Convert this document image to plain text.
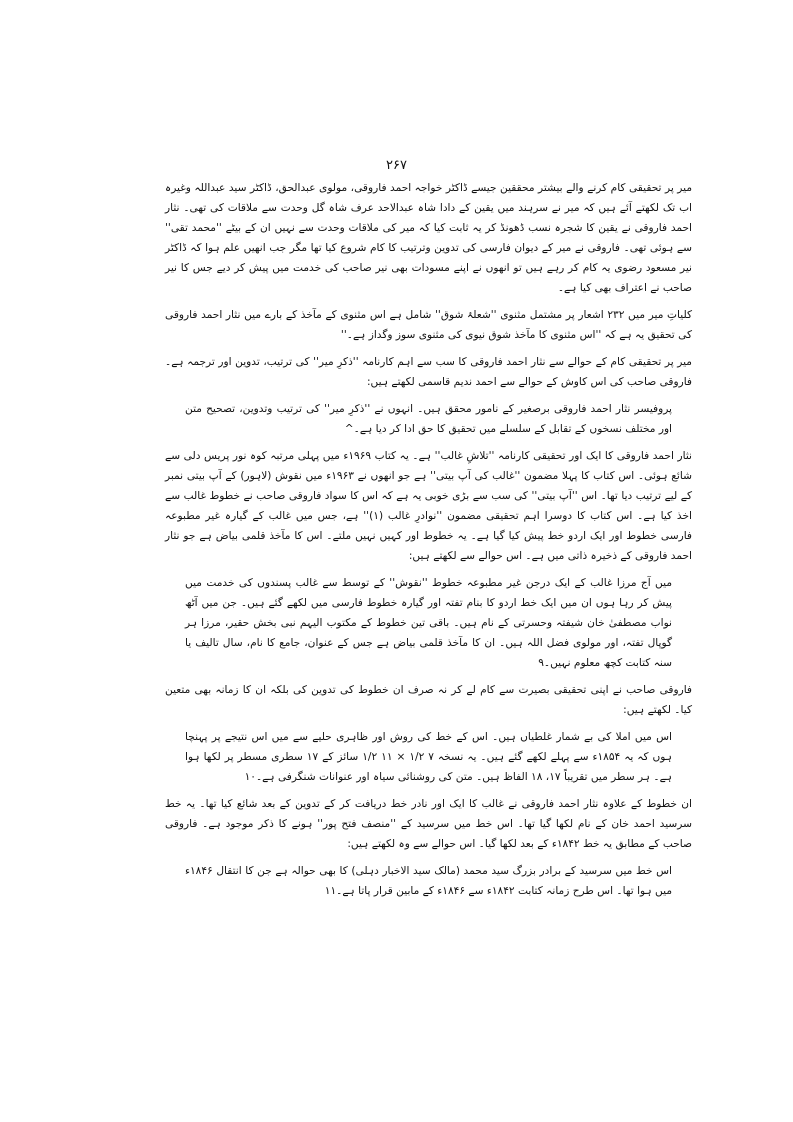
۲۶۷

میر پر تحقیقی کام کرنے والے بیشتر محققین جیسے ڈاکٹر خواجہ احمد فاروقی، مولوی عبدالحق، ڈاکٹر سید عبداللہ وغیرہ اب تک لکھتے آئے ہیں کہ میر نے سرہند میں یقین کے دادا شاہ عبدالاحد عرف شاہ گل وحدت سے ملاقات کی تھی۔ نثار احمد فاروقی نے یقین کا شجرہ نسب ڈھونڈ کر یہ ثابت کیا کہ میر کی ملاقات وحدت سے نہیں ان کے بیٹے ''محمد تقی'' سے ہوئی تھی۔ فاروقی نے میر کے دیوان فارسی کی تدوین وترتیب کا کام شروع کیا تھا مگر جب انھیں علم ہوا کہ ڈاکٹر نیر مسعود رضوی یہ کام کر رہے ہیں تو انھوں نے اپنے مسودات بھی نیر صاحب کی خدمت میں پیش کر دیے جس کا نیر صاحب نے اعتراف بھی کیا ہے۔

کلیاتِ میر میں ۲۳۲ اشعار پر مشتمل مثنوی ''شعلۂ شوق'' شامل ہے اس مثنوی کے مآخذ کے بارے میں نثار احمد فاروقی کی تحقیق یہ ہے کہ ''اس مثنوی کا مآخذ شوق نیوی کی مثنوی سوز وگداز ہے۔''

میر پر تحقیقی کام کے حوالے سے نثار احمد فاروقی کا سب سے اہم کارنامہ ''ذکرِ میر'' کی ترتیب، تدوین اور ترجمہ ہے۔ فاروقی صاحب کی اس کاوش کے حوالے سے احمد ندیم قاسمی لکھتے ہیں:

پروفیسر نثار احمد فاروقی برصغیر کے نامور محقق ہیں۔ انہوں نے ''ذکرِ میر'' کی ترتیب وتدوین، تصحیح متن اور مختلف نسخوں کے تقابل کے سلسلے میں تحقیق کا حق ادا کر دیا ہے۔^

نثار احمد فاروقی کا ایک اور تحقیقی کارنامہ ''تلاشِ غالب'' ہے۔ یہ کتاب ۱۹۶۹ء میں پہلی مرتبہ کوہ نور پریس دلی سے شائع ہوئی۔ اس کتاب کا پہلا مضمون ''غالب کی آپ بیتی'' ہے جو انھوں نے ۱۹۶۳ء میں نقوش (لاہور) کے آپ بیتی نمبر کے لیے ترتیب دیا تھا۔ اس ''آپ بیتی'' کی سب سے بڑی خوبی یہ ہے کہ اس کا سواد فاروقی صاحب نے خطوط غالب سے اخذ کیا ہے۔ اس کتاب کا دوسرا اہم تحقیقی مضمون ''نوادرِ غالب (۱)'' ہے، جس میں غالب کے گیارہ غیر مطبوعہ فارسی خطوط اور ایک اردو خط پیش کیا گیا ہے۔ یہ خطوط اور کہیں نہیں ملتے۔ اس کا مآخذ قلمی بیاض ہے جو نثار احمد فاروقی کے ذخیرہ ذاتی میں ہے۔ اس حوالے سے لکھتے ہیں:

میں آج مرزا غالب کے ایک درجن غیر مطبوعہ خطوط ''نقوش'' کے توسط سے غالب پسندوں کی خدمت میں پیش کر رہا ہوں ان میں ایک خط اردو کا بنام تفتہ اور گیارہ خطوط فارسی میں لکھے گئے ہیں۔ جن میں آٹھ نواب مصطفیٰ خان شیفتہ وحسرتی کے نام ہیں۔ باقی تین خطوط کے مکتوب الیہم نبی بخش حقیر، مرزا ہر گوپال تفتہ، اور مولوی فضل اللہ ہیں۔ ان کا مآخذ قلمی بیاض ہے جس کے عنوان، جامع کا نام، سال تالیف یا سنہ کتابت کچھ معلوم نہیں۔۹

فاروقی صاحب نے اپنی تحقیقی بصیرت سے کام لے کر نہ صرف ان خطوط کی تدوین کی بلکہ ان کا زمانہ بھی متعین کیا۔ لکھتے ہیں:

اس میں املا کی بے شمار غلطیاں ہیں۔ اس کے خط کی روش اور ظاہری حلیے سے میں اس نتیجے پر پہنچا ہوں کہ یہ ۱۸۵۴ء سے پہلے لکھے گئے ہیں۔ یہ نسخہ ۷ ۱/۲ × ۱۱ ۱/۲ سائز کے ۱۷ سطری مسطر پر لکھا ہوا ہے۔ ہر سطر میں تقریباً ۱۷، ۱۸ الفاظ ہیں۔ متن کی روشنائی سیاہ اور عنوانات شنگرفی ہے۔۱۰

ان خطوط کے علاوہ نثار احمد فاروقی نے غالب کا ایک اور نادر خط دریافت کر کے تدوین کے بعد شائع کیا تھا۔ یہ خط سرسید احمد خان کے نام لکھا گیا تھا۔ اس خط میں سرسید کے ''منصف فتح پور'' ہونے کا ذکر موجود ہے۔ فاروقی صاحب کے مطابق یہ خط ۱۸۴۲ء کے بعد لکھا گیا۔ اس حوالے سے وہ لکھتے ہیں:

اس خط میں سرسید کے برادر بزرگ سید محمد (مالک سید الاخبار دہلی) کا بھی حوالہ ہے جن کا انتقال ۱۸۴۶ء میں ہوا تھا۔ اس طرح زمانہ کتابت ۱۸۴۲ء سے ۱۸۴۶ء کے مابین قرار پاتا ہے۔۱۱
